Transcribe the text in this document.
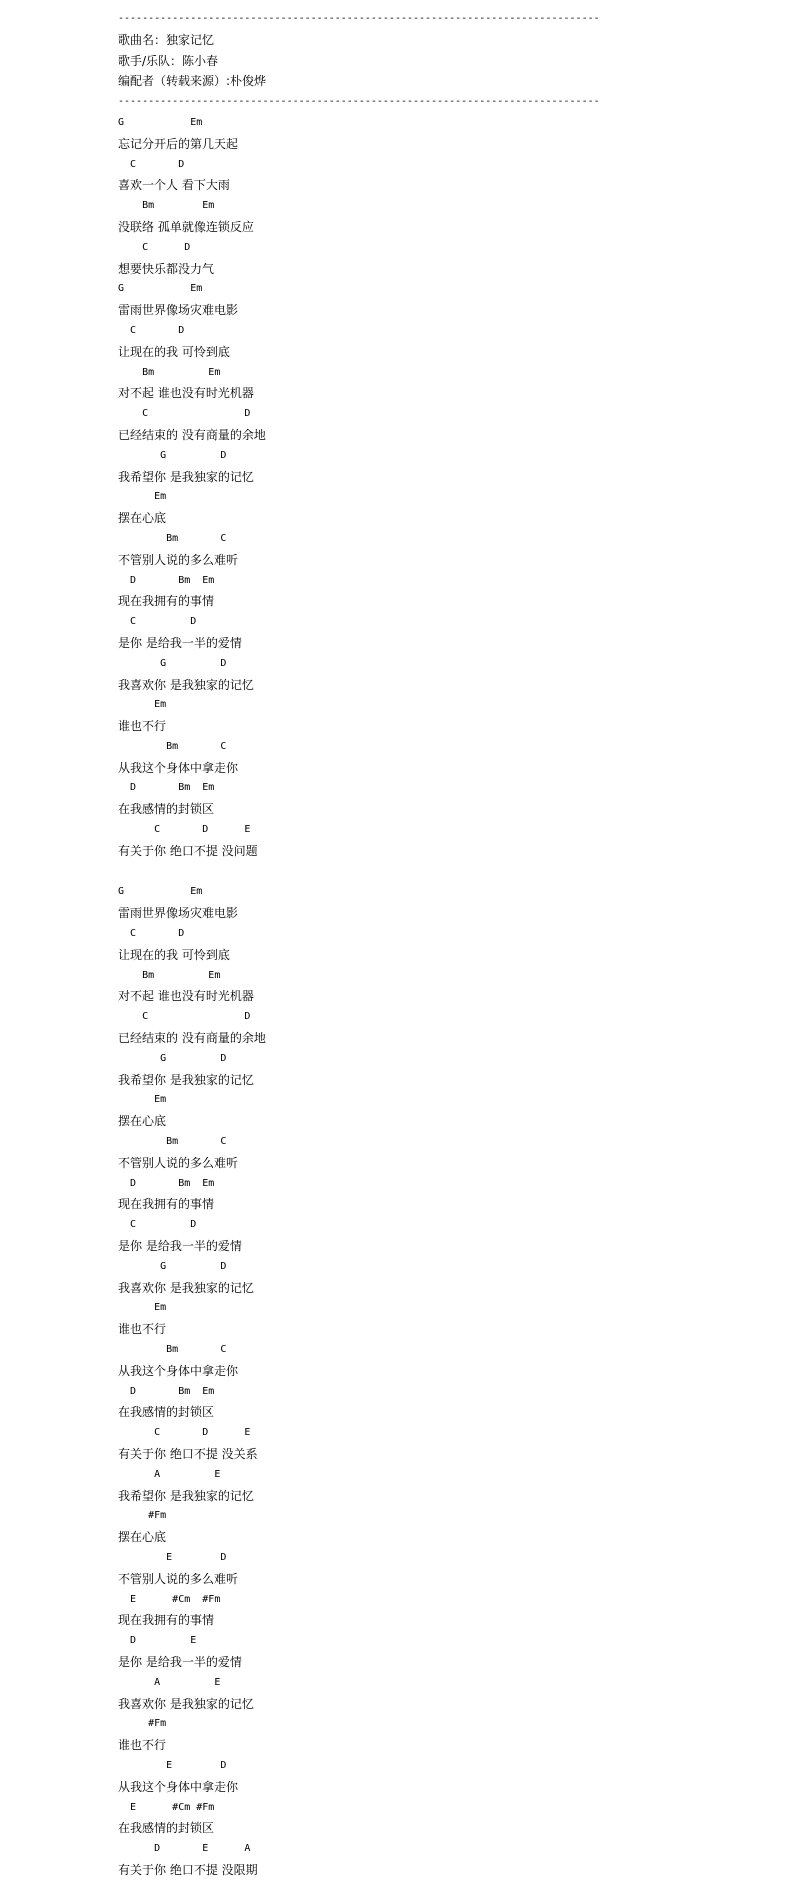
--------------------------------------------------------------------------------
歌曲名：独家记忆
歌手/乐队：陈小春
编配者（转载来源）:朴俊烨
--------------------------------------------------------------------------------
G           Em
忘记分开后的第几天起
C       D
喜欢一个人 看下大雨
Bm        Em
没联络 孤单就像连锁反应
C      D
想要快乐都没力气
G           Em
雷雨世界像场灾难电影
C       D
让现在的我 可怜到底
Bm         Em
对不起 谁也没有时光机器
C                D
已经结束的 没有商量的余地
G         D
我希望你 是我独家的记忆
Em
摆在心底
Bm       C
不管别人说的多么难听
D       Bm  Em
现在我拥有的事情
C         D
是你 是给我一半的爱情
G         D
我喜欢你 是我独家的记忆
Em
谁也不行
Bm       C
从我这个身体中拿走你
D       Bm  Em
在我感情的封锁区
C       D      E
有关于你 绝口不提 没问题
G           Em
雷雨世界像场灾难电影
C       D
让现在的我 可怜到底
Bm         Em
对不起 谁也没有时光机器
C                D
已经结束的 没有商量的余地
G         D
我希望你 是我独家的记忆
Em
摆在心底
Bm       C
不管别人说的多么难听
D       Bm  Em
现在我拥有的事情
C         D
是你 是给我一半的爱情
G         D
我喜欢你 是我独家的记忆
Em
谁也不行
Bm       C
从我这个身体中拿走你
D       Bm  Em
在我感情的封锁区
C       D      E
有关于你 绝口不提 没关系
A         E
我希望你 是我独家的记忆
#Fm
摆在心底
E        D
不管别人说的多么难听
E      #Cm  #Fm
现在我拥有的事情
D         E
是你 是给我一半的爱情
A         E
我喜欢你 是我独家的记忆
#Fm
谁也不行
E        D
从我这个身体中拿走你
E      #Cm #Fm
在我感情的封锁区
D       E      A
有关于你 绝口不提 没限期
